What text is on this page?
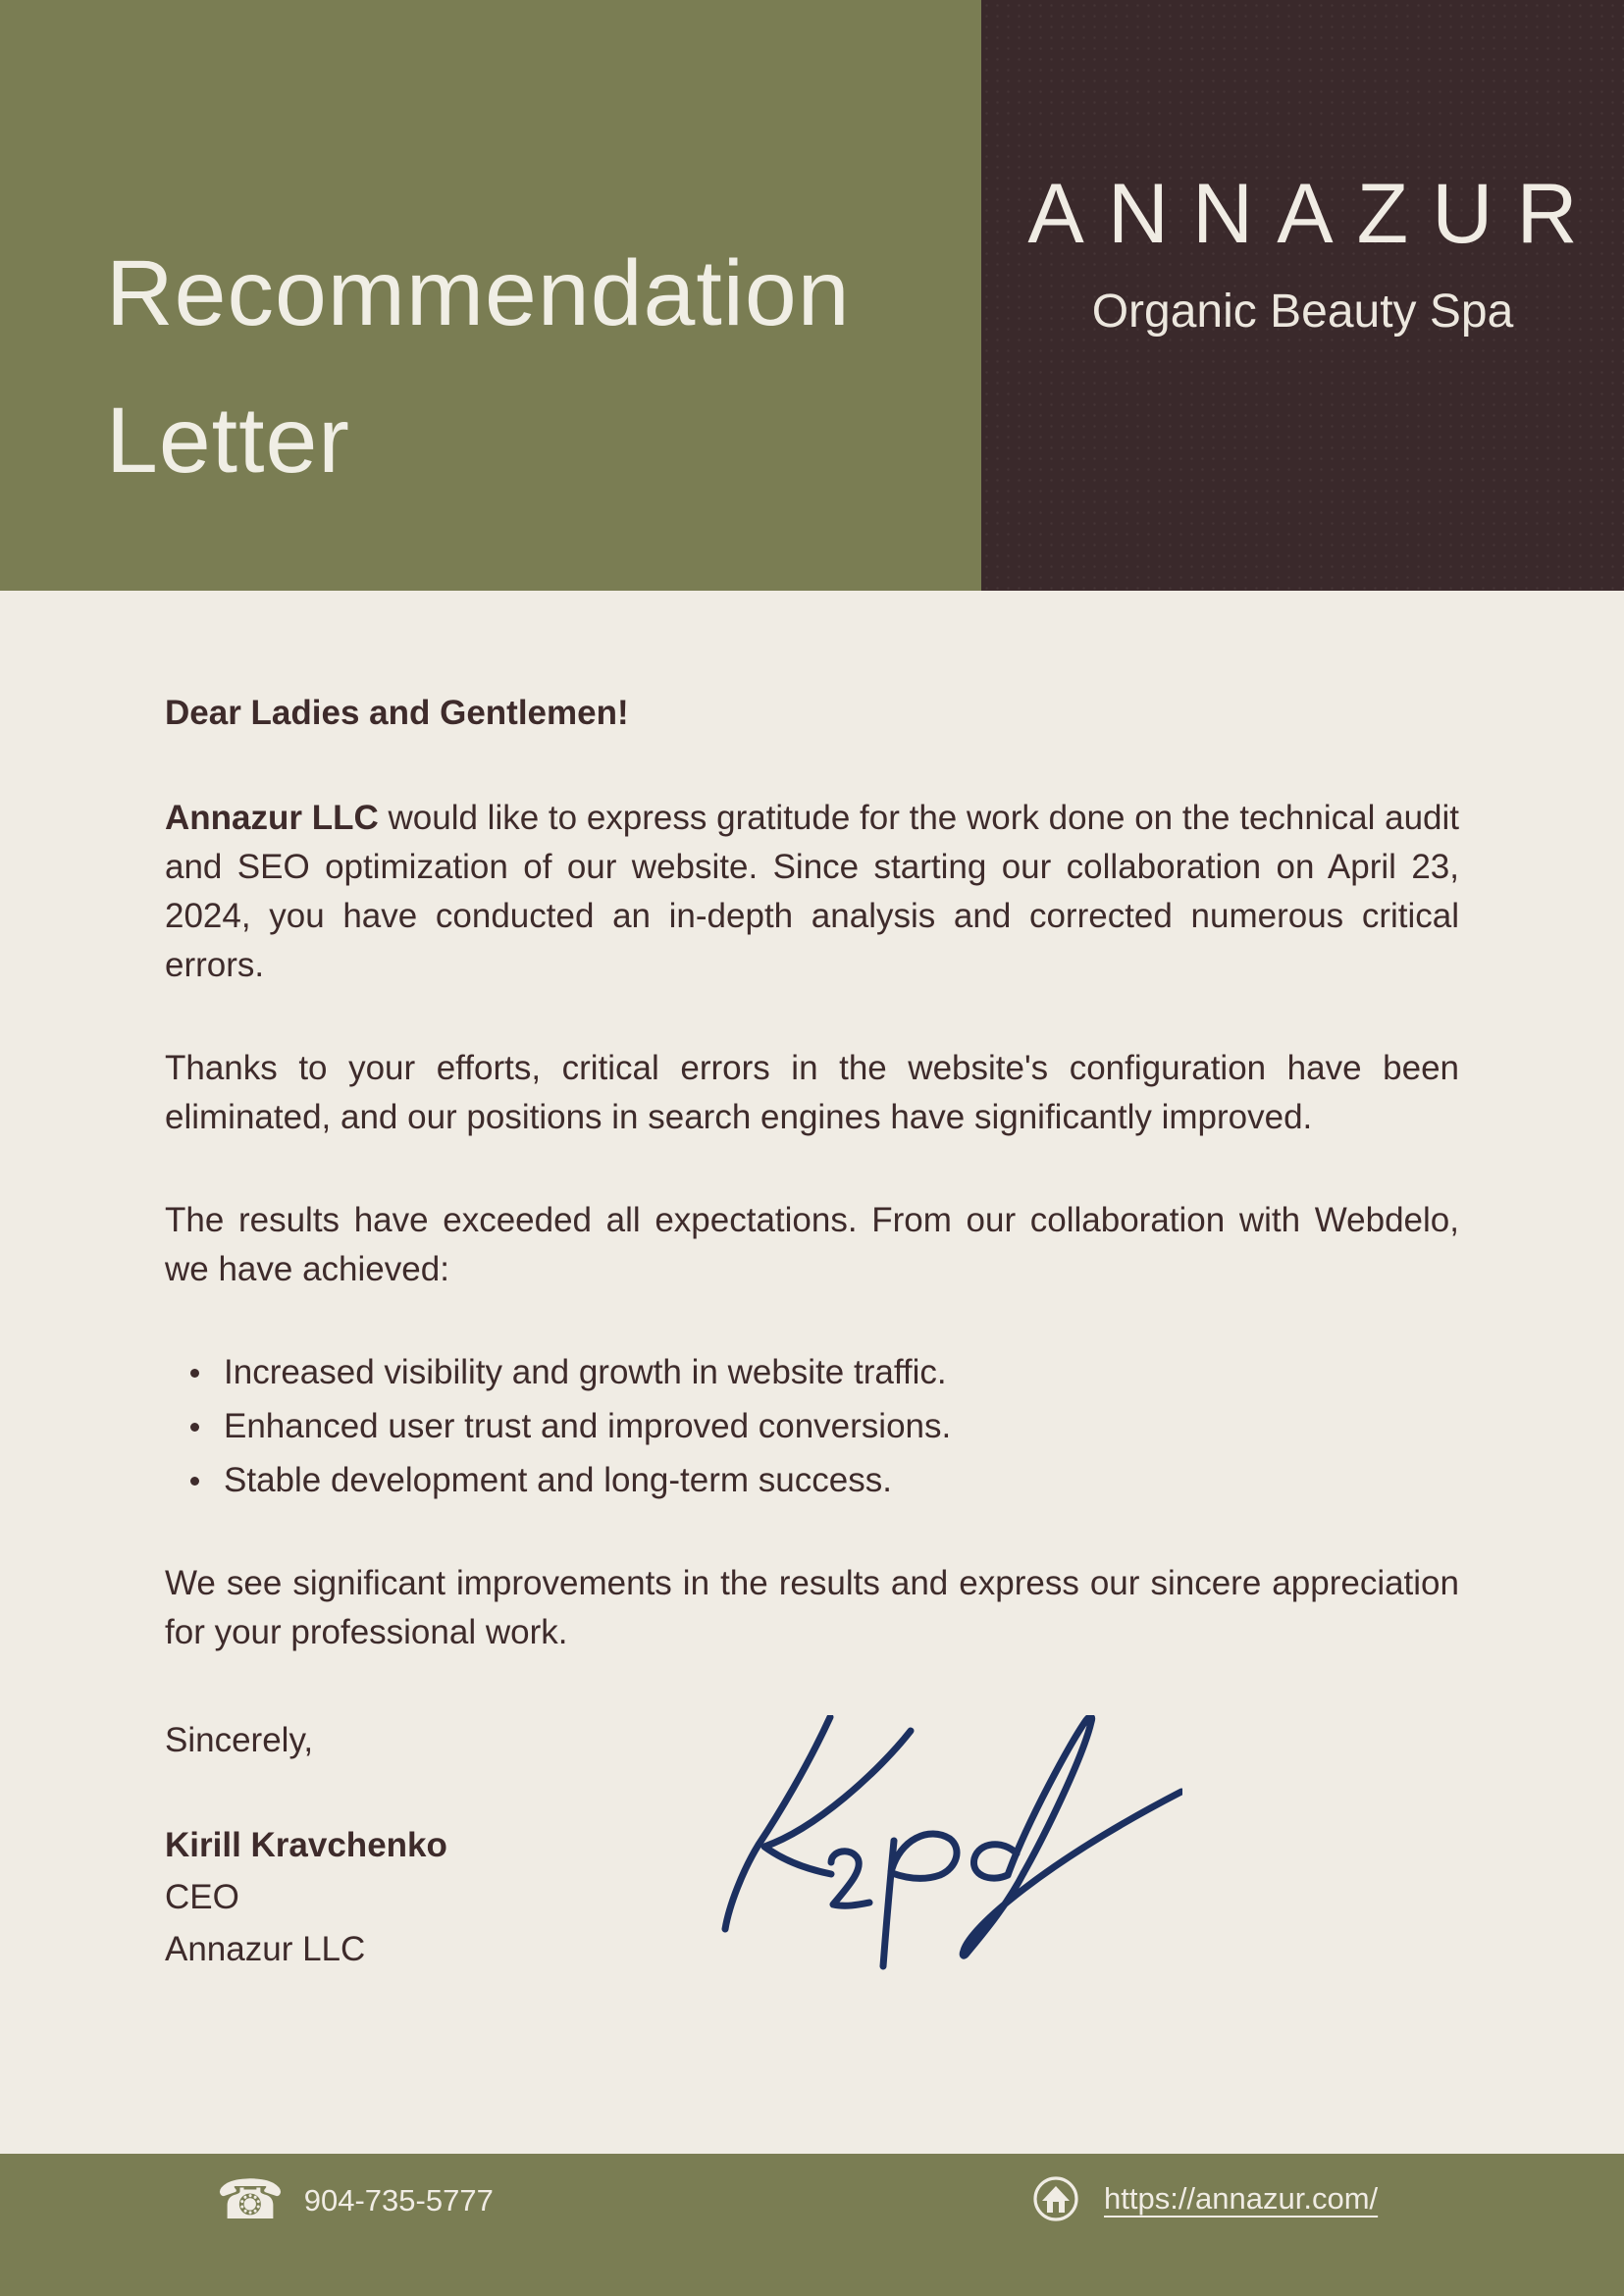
Recommendation
Letter
ANNAZUR
Organic Beauty Spa

Dear Ladies and Gentlemen!

Annazur LLC would like to express gratitude for the work done on the technical audit and SEO optimization of our website. Since starting our collaboration on April 23, 2024, you have conducted an in-depth analysis and corrected numerous critical errors.

Thanks to your efforts, critical errors in the website's configuration have been eliminated, and our positions in search engines have significantly improved.

The results have exceeded all expectations. From our collaboration with Webdelo, we have achieved:

Increased visibility and growth in website traffic.
Enhanced user trust and improved conversions.
Stable development and long-term success.

We see significant improvements in the results and express our sincere appreciation for your professional work.

Sincerely,

Kirill Kravchenko

CEO

Annazur LLC

☎ 904-735-5777	https://annazur.com/
